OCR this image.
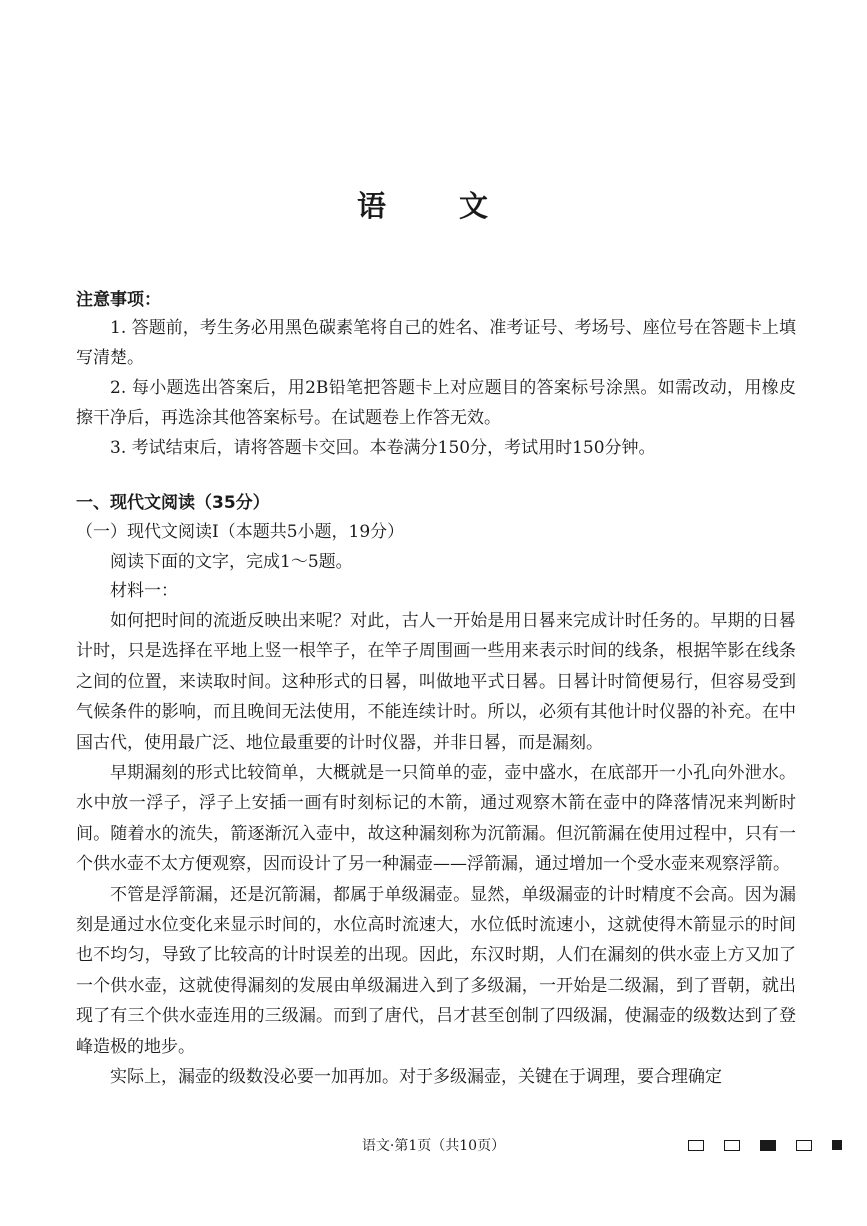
语　文
注意事项：

1. 答题前，考生务必用黑色碳素笔将自己的姓名、准考证号、考场号、座位号在答题卡上填写清楚。

2. 每小题选出答案后，用2B铅笔把答题卡上对应题目的答案标号涂黑。如需改动，用橡皮擦干净后，再选涂其他答案标号。在试题卷上作答无效。

3. 考试结束后，请将答题卡交回。本卷满分150分，考试用时150分钟。

一、现代文阅读（35分）
（一）现代文阅读Ⅰ（本题共5小题，19分）
阅读下面的文字，完成1～5题。
材料一：

如何把时间的流逝反映出来呢？对此，古人一开始是用日晷来完成计时任务的。早期的日晷计时，只是选择在平地上竖一根竿子，在竿子周围画一些用来表示时间的线条，根据竿影在线条之间的位置，来读取时间。这种形式的日晷，叫做地平式日晷。日晷计时简便易行，但容易受到气候条件的影响，而且晚间无法使用，不能连续计时。所以，必须有其他计时仪器的补充。在中国古代，使用最广泛、地位最重要的计时仪器，并非日晷，而是漏刻。

早期漏刻的形式比较简单，大概就是一只简单的壶，壶中盛水，在底部开一小孔向外泄水。水中放一浮子，浮子上安插一画有时刻标记的木箭，通过观察木箭在壶中的降落情况来判断时间。随着水的流失，箭逐渐沉入壶中，故这种漏刻称为沉箭漏。但沉箭漏在使用过程中，只有一个供水壶不太方便观察，因而设计了另一种漏壶——浮箭漏，通过增加一个受水壶来观察浮箭。

不管是浮箭漏，还是沉箭漏，都属于单级漏壶。显然，单级漏壶的计时精度不会高。因为漏刻是通过水位变化来显示时间的，水位高时流速大，水位低时流速小，这就使得木箭显示的时间也不均匀，导致了比较高的计时误差的出现。因此，东汉时期，人们在漏刻的供水壶上方又加了一个供水壶，这就使得漏刻的发展由单级漏进入到了多级漏，一开始是二级漏，到了晋朝，就出现了有三个供水壶连用的三级漏。而到了唐代，吕才甚至创制了四级漏，使漏壶的级数达到了登峰造极的地步。

实际上，漏壶的级数没必要一加再加。对于多级漏壶，关键在于调理，要合理确定

语文·第1页（共10页）
